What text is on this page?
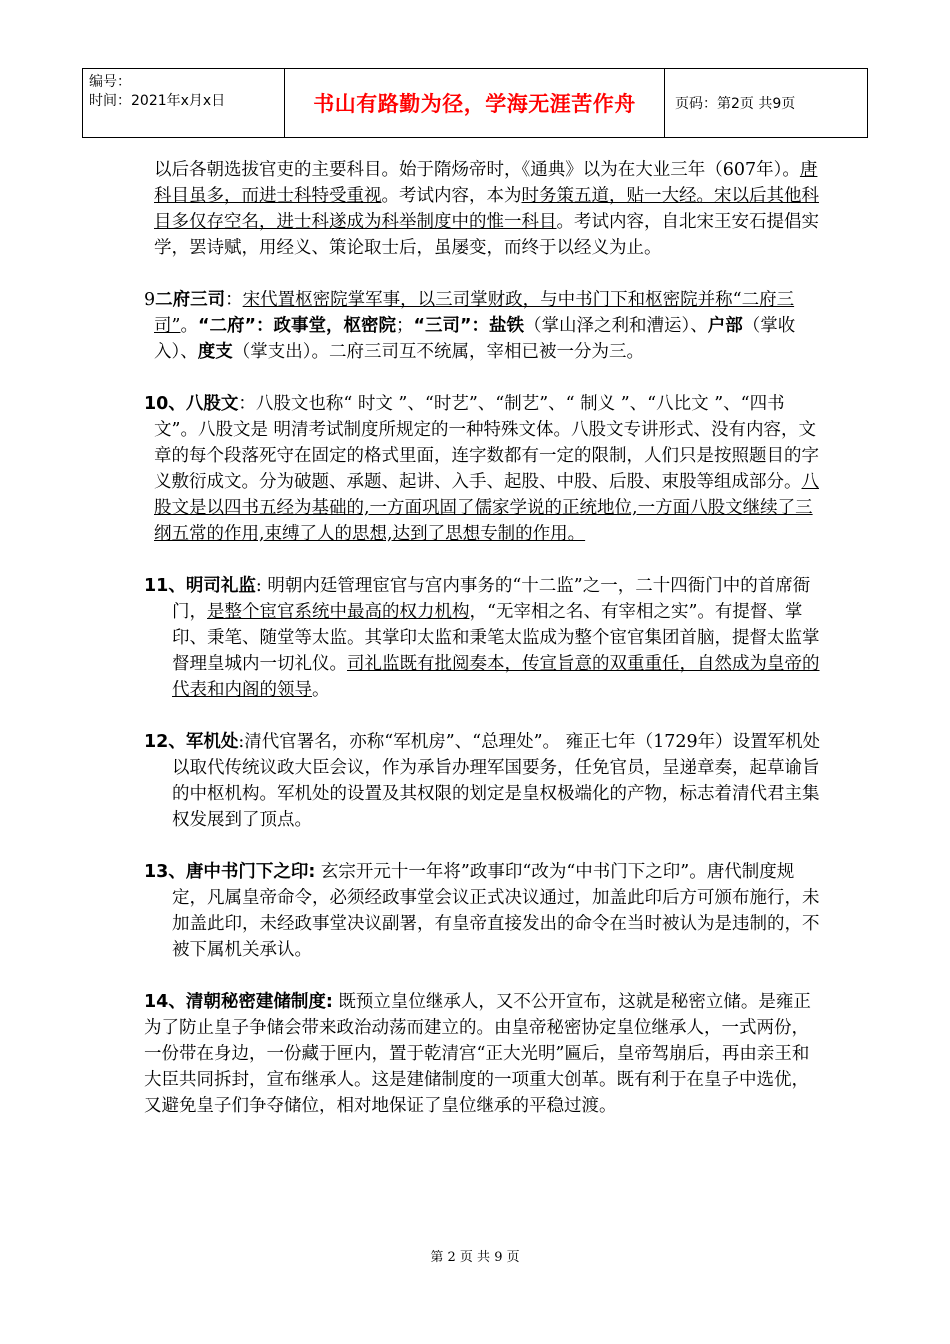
编号：
时间：2021年x月x日	书山有路勤为径，学海无涯苦作舟	页码：第2页 共9页

以后各朝选拔官吏的主要科目。始于隋炀帝时，《通典》以为在大业三年（607年）。唐科目虽多，而进士科特受重视。考试内容，本为时务策五道，贴一大经。宋以后其他科目多仅存空名，进士科遂成为科举制度中的惟一科目。考试内容，自北宋王安石提倡实学，罢诗赋，用经义、策论取士后，虽屡变，而终于以经义为止。

9二府三司：宋代置枢密院掌军事，以三司掌财政，与中书门下和枢密院并称“二府三司”。“二府”：政事堂，枢密院；“三司”：盐铁（掌山泽之利和漕运）、户部（掌收入）、度支（掌支出）。二府三司互不统属，宰相已被一分为三。

10、八股文：八股文也称“ 时文 ”、“时艺”、“制艺”、“ 制义 ”、“八比文 ”、“四书文”。八股文是 明清考试制度所规定的一种特殊文体。八股文专讲形式、没有内容，文章的每个段落死守在固定的格式里面，连字数都有一定的限制，人们只是按照题目的字义敷衍成文。分为破题、承题、起讲、入手、起股、中股、后股、束股等组成部分。八股文是以四书五经为基础的,一方面巩固了儒家学说的正统地位,一方面八股文继续了三纲五常的作用,束缚了人的思想,达到了思想专制的作用。

11、明司礼监: 明朝内廷管理宦官与宫内事务的“十二监”之一，二十四衙门中的首席衙门，是整个宦官系统中最高的权力机构，“无宰相之名、有宰相之实”。有提督、掌印、秉笔、随堂等太监。其掌印太监和秉笔太监成为整个宦官集团首脑，提督太监掌督理皇城内一切礼仪。司礼监既有批阅奏本，传宣旨意的双重重任，自然成为皇帝的代表和内阁的领导。

12、军机处:清代官署名，亦称“军机房”、“总理处”。 雍正七年（1729年）设置军机处以取代传统议政大臣会议，作为承旨办理军国要务，任免官员，呈递章奏，起草谕旨的中枢机构。军机处的设置及其权限的划定是皇权极端化的产物，标志着清代君主集权发展到了顶点。

13、唐中书门下之印: 玄宗开元十一年将”政事印“改为“中书门下之印”。唐代制度规定，凡属皇帝命令，必须经政事堂会议正式决议通过，加盖此印后方可颁布施行，未加盖此印，未经政事堂决议副署，有皇帝直接发出的命令在当时被认为是违制的，不被下属机关承认。

14、清朝秘密建储制度: 既预立皇位继承人，又不公开宣布，这就是秘密立储。是雍正为了防止皇子争储会带来政治动荡而建立的。由皇帝秘密协定皇位继承人，一式两份，一份带在身边，一份藏于匣内，置于乾清宫“正大光明”匾后，皇帝驾崩后，再由亲王和大臣共同拆封，宣布继承人。这是建储制度的一项重大创革。既有利于在皇子中选优，又避免皇子们争夺储位，相对地保证了皇位继承的平稳过渡。

第 2 页 共 9 页
